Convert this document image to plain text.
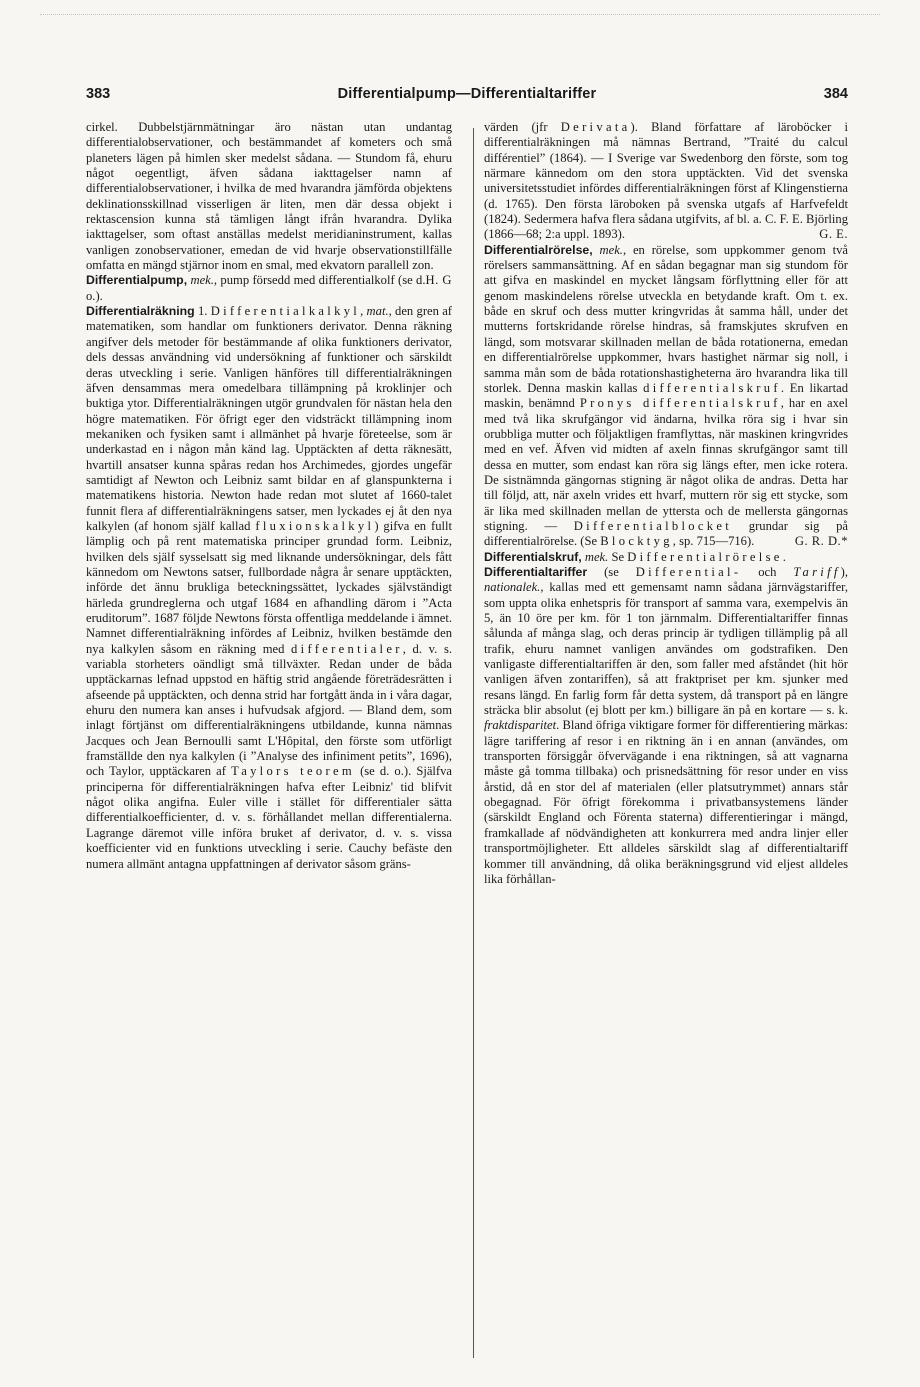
383	Differentialpump—Differentialtariffer	384

cirkel. Dubbelstjärnmätningar äro nästan utan undantag differentialobservationer, och bestämmandet af kometers och små planeters lägen på himlen sker medelst sådana. — Stundom få, ehuru något oegentligt, äfven sådana iakttagelser namn af differentialobservationer, i hvilka de med hvarandra jämförda objektens deklinationsskillnad visserligen är liten, men där dessa objekt i rektascension kunna stå tämligen långt ifrån hvarandra. Dylika iakttagelser, som oftast anställas medelst meridianinstrument, kallas vanligen zonobservationer, emedan de vid hvarje observationstillfälle omfatta en mängd stjärnor inom en smal, med ekvatorn parallell zon.
H. G

Differentialpump, mek., pump försedd med differentialkolf (se d. o.).

Differentialräkning 1. Differentialkalkyl, mat., den gren af matematiken, som handlar om funktioners derivator. Denna räkning angifver dels metoder för bestämmande af olika funktioners derivator, dels dessas användning vid undersökning af funktioner och särskildt deras utveckling i serie. Vanligen hänföres till differentialräkningen äfven densammas mera omedelbara tillämpning på kroklinjer och buktiga ytor. Differentialräkningen utgör grundvalen för nästan hela den högre matematiken. För öfrigt eger den vidsträckt tillämpning inom mekaniken och fysiken samt i allmänhet på hvarje företeelse, som är underkastad en i någon mån känd lag. Upptäckten af detta räknesätt, hvartill ansatser kunna spåras redan hos Archimedes, gjordes ungefär samtidigt af Newton och Leibniz samt bildar en af glanspunkterna i matematikens historia. Newton hade redan mot slutet af 1660-talet funnit flera af differentialräkningens satser, men lyckades ej åt den nya kalkylen (af honom själf kallad fluxionskalkyl) gifva en fullt lämplig och på rent matematiska principer grundad form. Leibniz, hvilken dels själf sysselsatt sig med liknande undersökningar, dels fått kännedom om Newtons satser, fullbordade några år senare upptäckten, införde det ännu brukliga beteckningssättet, lyckades självständigt härleda grundreglerna och utgaf 1684 en afhandling därom i ”Acta eruditorum”. 1687 följde Newtons första offentliga meddelande i ämnet. Namnet differentialräkning infördes af Leibniz, hvilken bestämde den nya kalkylen såsom en räkning med differentialer, d. v. s. variabla storheters oändligt små tillväxter. Redan under de båda upptäckarnas lefnad uppstod en häftig strid angående företrädesrätten i afseende på upptäckten, och denna strid har fortgått ända in i våra dagar, ehuru den numera kan anses i hufvudsak afgjord. — Bland dem, som inlagt förtjänst om differentialräkningens utbildande, kunna nämnas Jacques och Jean Bernoulli samt L'Hôpital, den förste som utförligt framställde den nya kalkylen (i ”Analyse des infiniment petits”, 1696), och Taylor, upptäckaren af Taylors teorem (se d. o.). Själfva principerna för differentialräkningen hafva efter Leibniz' tid blifvit något olika angifna. Euler ville i stället för differentialer sätta differentialkoefficienter, d. v. s. förhållandet mellan differentialerna. Lagrange däremot ville införa bruket af derivator, d. v. s. vissa koefficienter vid en funktions utveckling i serie. Cauchy befäste den numera allmänt antagna uppfattningen af derivator såsom gräns-

värden (jfr Derivata). Bland författare af läroböcker i differentialräkningen må nämnas Bertrand, ”Traité du calcul différentiel” (1864). — I Sverige var Swedenborg den förste, som tog närmare kännedom om den stora upptäckten. Vid det svenska universitetsstudiet infördes differentialräkningen först af Klingenstierna (d. 1765). Den första läroboken på svenska utgafs af Harfvefeldt (1824). Sedermera hafva flera sådana utgifvits, af bl. a. C. F. E. Björling (1866—68; 2:a uppl. 1893).	G. E.

Differentialrörelse, mek., en rörelse, som uppkommer genom två rörelsers sammansättning. Af en sådan begagnar man sig stundom för att gifva en maskindel en mycket långsam förflyttning eller för att genom maskindelens rörelse utveckla en betydande kraft. Om t. ex. både en skruf och dess mutter kringvridas åt samma håll, under det mutterns fortskridande rörelse hindras, så framskjutes skrufven en längd, som motsvarar skillnaden mellan de båda rotationerna, emedan en differentialrörelse uppkommer, hvars hastighet närmar sig noll, i samma mån som de båda rotationshastigheterna äro hvarandra lika till storlek. Denna maskin kallas differentialskruf. En likartad maskin, benämnd Pronys differentialskruf, har en axel med två lika skrufgängor vid ändarna, hvilka röra sig i hvar sin orubbliga mutter och följaktligen framflyttas, när maskinen kringvrides med en vef. Äfven vid midten af axeln finnas skrufgängor samt till dessa en mutter, som endast kan röra sig längs efter, men icke rotera. De sistnämnda gängornas stigning är något olika de andras. Detta har till följd, att, när axeln vrides ett hvarf, muttern rör sig ett stycke, som är lika med skillnaden mellan de yttersta och de mellersta gängornas stigning. — Differentialblocket grundar sig på differentialrörelse. (Se Blocktyg, sp. 715—716).	G. R. D.*

Differentialskruf, mek. Se Differentialrörelse.

Differentialtariffer (se Differential- och Tariff), nationalek., kallas med ett gemensamt namn sådana järnvägstariffer, som uppta olika enhetspris för transport af samma vara, exempelvis än 5, än 10 öre per km. för 1 ton järnmalm. Differentialtariffer finnas sålunda af många slag, och deras princip är tydligen tillämplig på all trafik, ehuru namnet vanligen användes om godstrafiken. Den vanligaste differentialtariffen är den, som faller med afståndet (hit hör vanligen äfven zontariffen), så att fraktpriset per km. sjunker med resans längd. En farlig form får detta system, då transport på en längre sträcka blir absolut (ej blott per km.) billigare än på en kortare — s. k. fraktdisparitet. Bland öfriga viktigare former för differentiering märkas: lägre tariffering af resor i en riktning än i en annan (användes, om transporten försiggår öfvervägande i ena riktningen, så att vagnarna måste gå tomma tillbaka) och prisnedsättning för resor under en viss årstid, då en stor del af materialen (eller platsutrymmet) annars står obegagnad. För öfrigt förekomma i privatbansystemens länder (särskildt England och Förenta staterna) differentieringar i mängd, framkallade af nödvändigheten att konkurrera med andra linjer eller transportmöjligheter. Ett alldeles särskildt slag af differentialtariff kommer till användning, då olika beräkningsgrund vid eljest alldeles lika förhållan-
